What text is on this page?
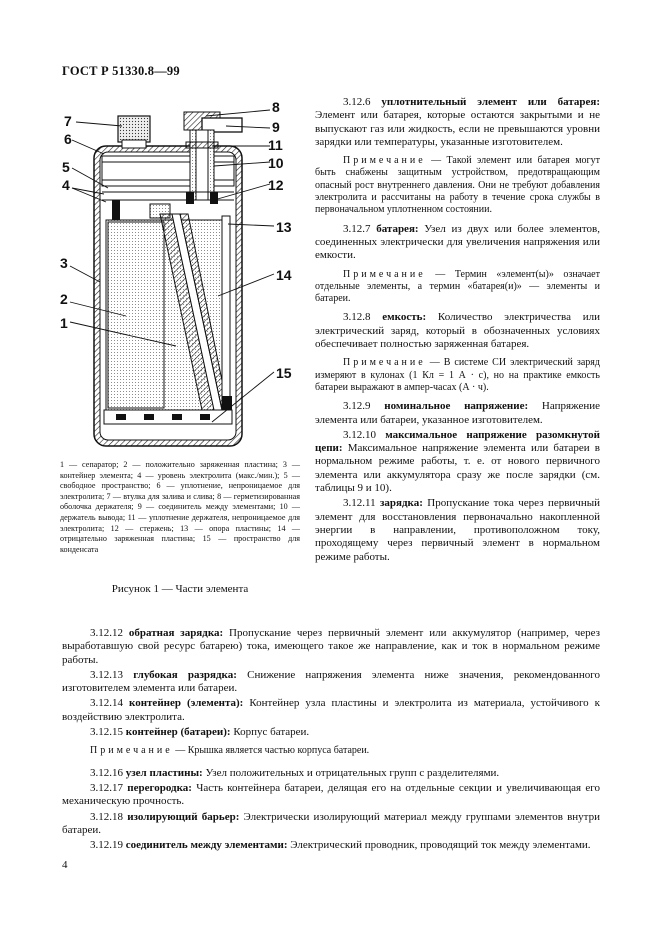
ГОСТ Р 51330.8—99
7
6
5
4
3
2
1
8
9
11
10
12
13
14
15
1 — сепаратор; 2 — положительно заряженная пластина; 3 — контейнер элемента; 4 — уровень электролита (макс./мин.); 5 — свободное пространство; 6 — уплотнение, непроницаемое для электролита; 7 — втулка для залива и слива; 8 — герметизированная оболочка держателя; 9 — соединитель между элементами; 10 — держатель вывода; 11 — уплотнение держателя, непроницаемое для электролита; 12 — стержень; 13 — опора пластины; 14 — отрицательно заряженная пластина; 15 — пространство для конденсата
Рисунок 1 — Части элемента

3.12.6 уплотнительный элемент или батарея: Элемент или батарея, которые остаются закрытыми и не выпускают газ или жидкость, если не превышаются уровни зарядки или температуры, указанные изготовителем.

Примечание — Такой элемент или батарея могут быть снабжены защитным устройством, предотвращающим опасный рост внутреннего давления. Они не требуют добавления электролита и рассчитаны на работу в течение срока службы в первоначальном уплотненном состоянии.

3.12.7 батарея: Узел из двух или более элементов, соединенных электрически для увеличения напряжения или емкости.

Примечание — Термин «элемент(ы)» означает отдельные элементы, а термин «батарея(и)» — элементы и батареи.

3.12.8 емкость: Количество электричества или электрический заряд, который в обозначенных условиях обеспечивает полностью заряженная батарея.

Примечание — В системе СИ электрический заряд измеряют в кулонах (1 Кл = 1 А · с), но на практике емкость батареи выражают в ампер-часах (А · ч).

3.12.9 номинальное напряжение: Напряжение элемента или батареи, указанное изготовителем.

3.12.10 максимальное напряжение разомкнутой цепи: Максимальное напряжение элемента или батареи в нормальном режиме работы, т. е. от нового первичного элемента или аккумулятора сразу же после зарядки (см. таблицы 9 и 10).

3.12.11 зарядка: Пропускание тока через первичный элемент для восстановления первоначально накопленной энергии в направлении, противоположном току, проходящему через первичный элемент в нормальном режиме работы.

3.12.12 обратная зарядка: Пропускание через первичный элемент или аккумулятор (например, через выработавшую свой ресурс батарею) тока, имеющего такое же направление, как и ток в нормальном режиме работы.

3.12.13 глубокая разрядка: Снижение напряжения элемента ниже значения, рекомендованного изготовителем элемента или батареи.

3.12.14 контейнер (элемента): Контейнер узла пластины и электролита из материала, устойчивого к воздействию электролита.

3.12.15 контейнер (батареи): Корпус батареи.

Примечание — Крышка является частью корпуса батареи.

3.12.16 узел пластины: Узел положительных и отрицательных групп с разделителями.

3.12.17 перегородка: Часть контейнера батареи, делящая его на отдельные секции и увеличивающая его механическую прочность.

3.12.18 изолирующий барьер: Электрически изолирующий материал между группами элементов внутри батареи.

3.12.19 соединитель между элементами: Электрический проводник, проводящий ток между элементами.

4
